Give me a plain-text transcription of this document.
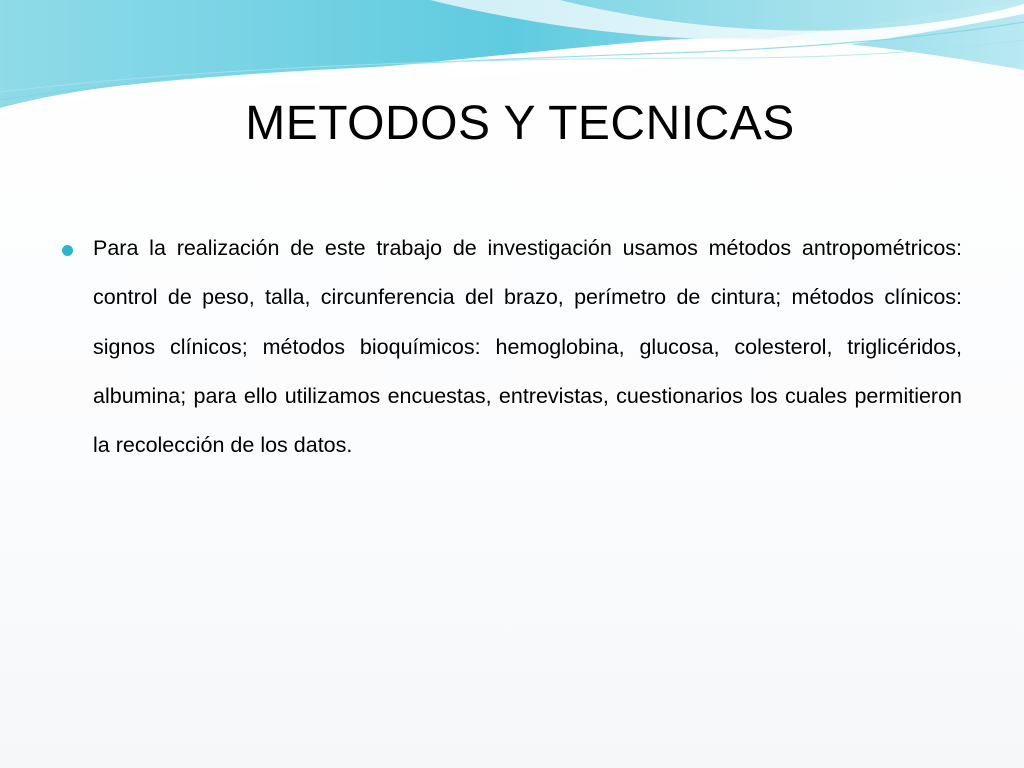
METODOS Y TECNICAS

Para la realización de este trabajo de investigación usamos métodos antropométricos: control de peso, talla, circunferencia del brazo, perímetro de cintura; métodos clínicos: signos clínicos; métodos bioquímicos: hemoglobina, glucosa, colesterol, triglicéridos, albumina; para ello utilizamos encuestas, entrevistas, cuestionarios los cuales permitieron la recolección de los datos.
